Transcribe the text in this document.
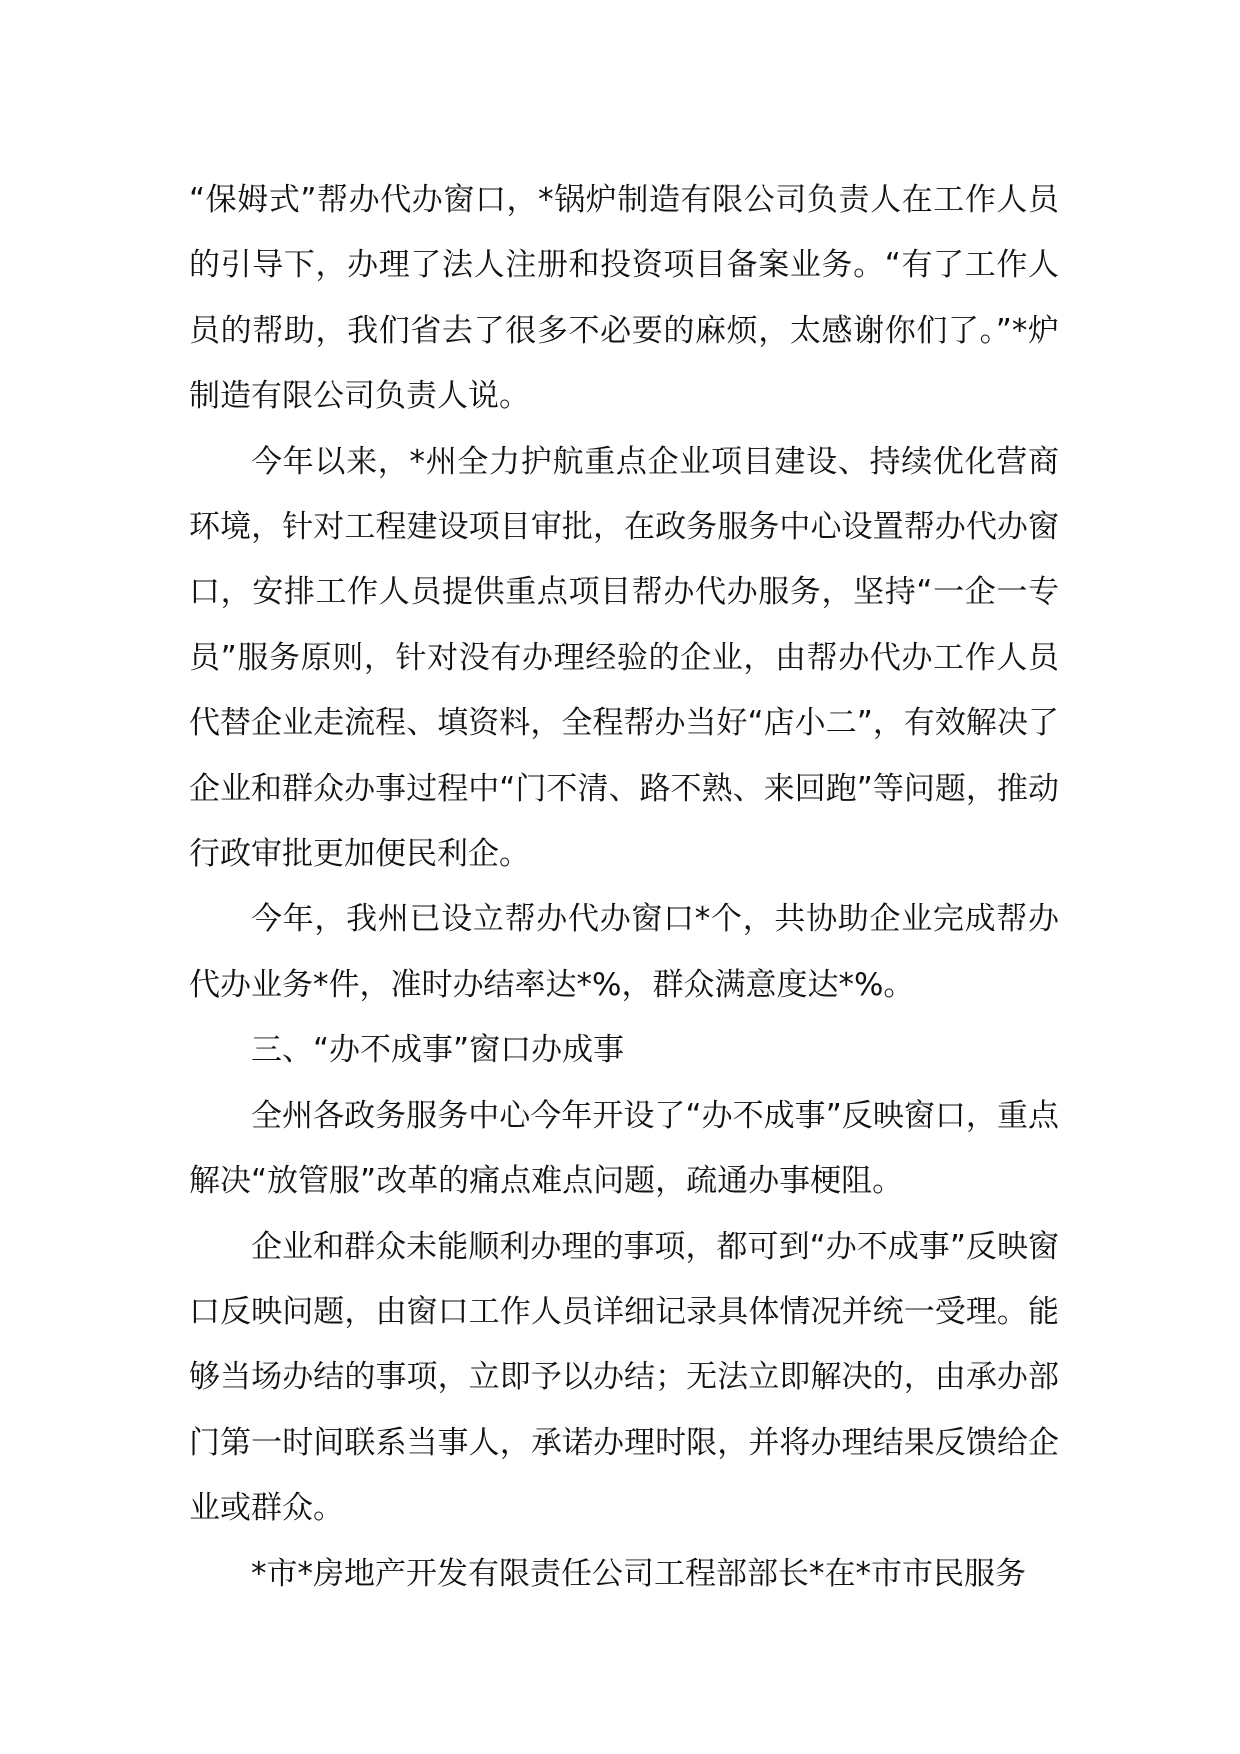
“保姆式”帮办代办窗口，*锅炉制造有限公司负责人在工作人员的引导下，办理了法人注册和投资项目备案业务。“有了工作人员的帮助，我们省去了很多不必要的麻烦，太感谢你们了。”*炉制造有限公司负责人说。

今年以来，*州全力护航重点企业项目建设、持续优化营商环境，针对工程建设项目审批，在政务服务中心设置帮办代办窗口，安排工作人员提供重点项目帮办代办服务，坚持“一企一专员”服务原则，针对没有办理经验的企业，由帮办代办工作人员代替企业走流程、填资料，全程帮办当好“店小二”，有效解决了企业和群众办事过程中“门不清、路不熟、来回跑”等问题，推动行政审批更加便民利企。

今年，我州已设立帮办代办窗口*个，共协助企业完成帮办代办业务*件，准时办结率达*%，群众满意度达*%。

三、“办不成事”窗口办成事

全州各政务服务中心今年开设了“办不成事”反映窗口，重点解决“放管服”改革的痛点难点问题，疏通办事梗阻。

企业和群众未能顺利办理的事项，都可到“办不成事”反映窗口反映问题，由窗口工作人员详细记录具体情况并统一受理。能够当场办结的事项，立即予以办结；无法立即解决的，由承办部门第一时间联系当事人，承诺办理时限，并将办理结果反馈给企业或群众。

*市*房地产开发有限责任公司工程部部长*在*市市民服务
